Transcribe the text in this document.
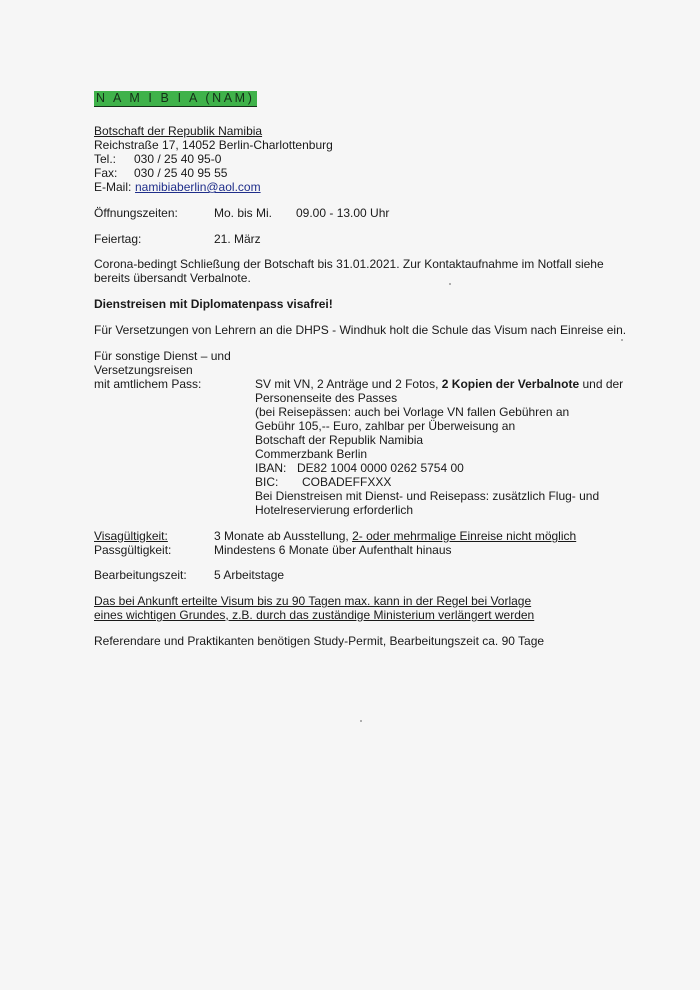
N A M I B I A (NAM)
Botschaft der Republik Namibia
Reichstraße 17, 14052 Berlin-Charlottenburg
Tel.: 030 / 25 40 95-0
Fax: 030 / 25 40 95 55
E-Mail: namibiaberlin@aol.com
Öffnungszeiten:	Mo. bis Mi. 09.00 - 13.00 Uhr
Feiertag:	21. März
Corona-bedingt Schließung der Botschaft bis 31.01.2021. Zur Kontaktaufnahme im Notfall siehe
bereits übersandt Verbalnote.
Dienstreisen mit Diplomatenpass visafrei!
Für Versetzungen von Lehrern an die DHPS - Windhuk holt die Schule das Visum nach Einreise ein.
Für sonstige Dienst – und
Versetzungsreisen
mit amtlichem Pass:	SV mit VN, 2 Anträge und 2 Fotos, 2 Kopien der Verbalnote und der
Personenseite des Passes
(bei Reisepässen: auch bei Vorlage VN fallen Gebühren an
Gebühr 105,-- Euro, zahlbar per Überweisung an
Botschaft der Republik Namibia
Commerzbank Berlin
IBAN: DE82 1004 0000 0262 5754 00
BIC: COBADEFFXXX
Bei Dienstreisen mit Dienst- und Reisepass: zusätzlich Flug- und
Hotelreservierung erforderlich
Visagültigkeit:	3 Monate ab Ausstellung, 2- oder mehrmalige Einreise nicht möglich
Passgültigkeit:	Mindestens 6 Monate über Aufenthalt hinaus
Bearbeitungszeit: 5 Arbeitstage
Das bei Ankunft erteilte Visum bis zu 90 Tagen max. kann in der Regel bei Vorlage
eines wichtigen Grundes, z.B. durch das zuständige Ministerium verlängert werden
Referendare und Praktikanten benötigen Study-Permit, Bearbeitungszeit ca. 90 Tage
